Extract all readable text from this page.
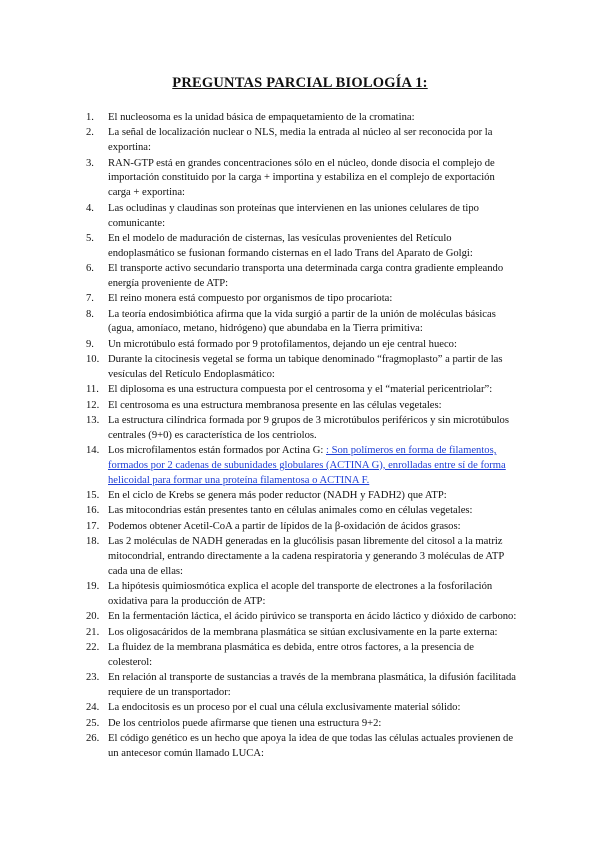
PREGUNTAS PARCIAL BIOLOGÍA 1:
1.	El nucleosoma es la unidad básica de empaquetamiento de la cromatina:
2.	La señal de localización nuclear o NLS, media la entrada al núcleo al ser reconocida por la exportina:
3.	RAN-GTP está en grandes concentraciones sólo en el núcleo, donde disocia el complejo de importación constituido por la carga + importina y estabiliza en el complejo de exportación carga + exportina:
4.	Las ocludinas y claudinas son proteínas que intervienen en las uniones celulares de tipo comunicante:
5.	En el modelo de maduración de cisternas, las vesículas provenientes del Retículo endoplasmático se fusionan formando cisternas en el lado Trans del Aparato de Golgi:
6.	El transporte activo secundario transporta una determinada carga contra gradiente empleando energía proveniente de ATP:
7.	El reino monera está compuesto por organismos de tipo procariota:
8.	La teoría endosimbiótica afirma que la vida surgió a partir de la unión de moléculas básicas (agua, amoníaco, metano, hidrógeno) que abundaba en la Tierra primitiva:
9.	Un microtúbulo está formado por 9 protofilamentos, dejando un eje central hueco:
10. Durante la citocinesis vegetal se forma un tabique denominado “fragmoplasto” a partir de las vesículas del Retículo Endoplasmático:
11. El diplosoma es una estructura compuesta por el centrosoma y el “material pericentriolar”:
12. El centrosoma es una estructura membranosa presente en las células vegetales:
13. La estructura cilíndrica formada por 9 grupos de 3 microtúbulos periféricos y sin microtúbulos centrales (9+0) es característica de los centriolos.
14. Los microfilamentos están formados por Actina G: : Son polímeros en forma de filamentos, formados por 2 cadenas de subunidades globulares (ACTINA G), enrolladas entre sí de forma helicoidal para formar una proteína filamentosa o ACTINA F.
15. En el ciclo de Krebs se genera más poder reductor (NADH y FADH2) que ATP:
16. Las mitocondrias están presentes tanto en células animales como en células vegetales:
17. Podemos obtener Acetil-CoA a partir de lípidos de la β-oxidación de ácidos grasos:
18. Las 2 moléculas de NADH generadas en la glucólisis pasan libremente del citosol a la matriz mitocondrial, entrando directamente a la cadena respiratoria y generando 3 moléculas de ATP cada una de ellas:
19. La hipótesis quimiosmótica explica el acople del transporte de electrones a la fosforilación oxidativa para la producción de ATP:
20. En la fermentación láctica, el ácido pirúvico se transporta en ácido láctico y dióxido de carbono:
21. Los oligosacáridos de la membrana plasmática se sitúan exclusivamente en la parte externa:
22. La fluidez de la membrana plasmática es debida, entre otros factores, a la presencia de colesterol:
23. En relación al transporte de sustancias a través de la membrana plasmática, la difusión facilitada requiere de un transportador:
24. La endocitosis es un proceso por el cual una célula exclusivamente material sólido:
25. De los centriolos puede afirmarse que tienen una estructura 9+2:
26. El código genético es un hecho que apoya la idea de que todas las células actuales provienen de un antecesor común llamado LUCA:
